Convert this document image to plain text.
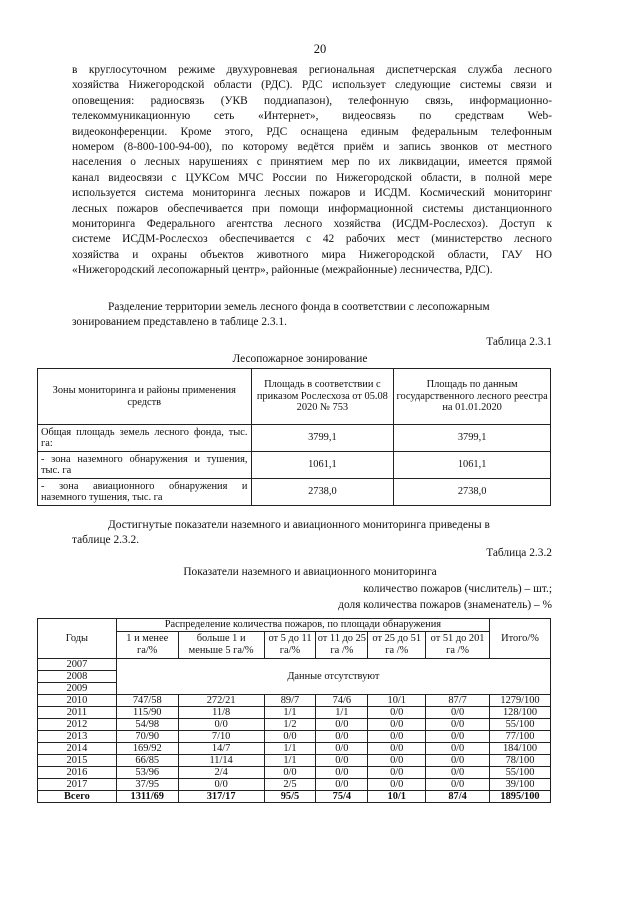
20
в круглосуточном режиме двухуровневая региональная диспетчерская служба лесного
хозяйства Нижегородской области (РДС). РДС использует следующие системы связи и
оповещения: радиосвязь (УКВ поддиапазон), телефонную связь, информационно-
телекоммуникационную сеть «Интернет», видеосвязь по средствам Web-
видеоконференции. Кроме этого, РДС оснащена единым федеральным телефонным
номером (8-800-100-94-00), по которому ведётся приём и запись звонков от местного
населения о лесных нарушениях с принятием мер по их ликвидации, имеется прямой
канал видеосвязи с ЦУКСом МЧС России по Нижегородской области, в полной мере
используется система мониторинга лесных пожаров и ИСДМ. Космический мониторинг
лесных пожаров обеспечивается при помощи информационной системы дистанционного
мониторинга Федерального агентства лесного хозяйства (ИСДМ-Рослесхоз). Доступ к
системе ИСДМ-Рослесхоз обеспечивается с 42 рабочих мест (министерство лесного
хозяйства и охраны объектов животного мира Нижегородской области, ГАУ НО
«Нижегородский лесопожарный центр», районные (межрайонные) лесничества, РДС).
Разделение территории земель лесного фонда в соответствии с лесопожарным
зонированием представлено в таблице 2.3.1.
Таблица 2.3.1
Лесопожарное зонирование
Зоны мониторинга и районы применения средств	Площадь в соответствии с приказом Рослесхоза от 05.08 2020 № 753	Площадь по данным государственного лесного реестра на 01.01.2020
Общая площадь земель лесного фонда, тыс. га:	3799,1	3799,1
- зона наземного обнаружения и тушения, тыс. га	1061,1	1061,1
- зона авиационного обнаружения и наземного тушения, тыс. га	2738,0	2738,0
Достигнутые показатели наземного и авиационного мониторинга приведены в
таблице 2.3.2.
Таблица 2.3.2
Показатели наземного и авиационного мониторинга
количество пожаров (числитель) – шт.;
доля количества пожаров (знаменатель) – %
Годы	Распределение количества пожаров, по площади обнаружения						Итого/%
	1 и менее га/%	больше 1 и меньше 5 га/%	от 5 до 11 га/%	от 11 до 25 га /%	от 25 до 51 га /%	от 51 до 201 га /%	
2007	Данные отсутствуют						
2008							
2009							
2010	747/58	272/21	89/7	74/6	10/1	87/7	1279/100
2011	115/90	11/8	1/1	1/1	0/0	0/0	128/100
2012	54/98	0/0	1/2	0/0	0/0	0/0	55/100
2013	70/90	7/10	0/0	0/0	0/0	0/0	77/100
2014	169/92	14/7	1/1	0/0	0/0	0/0	184/100
2015	66/85	11/14	1/1	0/0	0/0	0/0	78/100
2016	53/96	2/4	0/0	0/0	0/0	0/0	55/100
2017	37/95	0/0	2/5	0/0	0/0	0/0	39/100
Всего	1311/69	317/17	95/5	75/4	10/1	87/4	1895/100
